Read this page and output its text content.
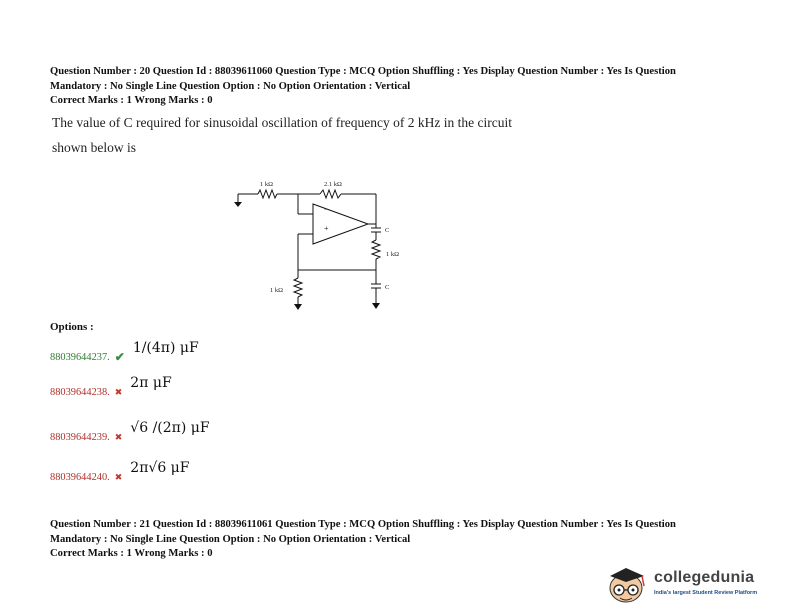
Question Number : 20 Question Id : 88039611060 Question Type : MCQ Option Shuffling : Yes Display Question Number : Yes Is Question
Mandatory : No Single Line Question Option : No Option Orientation : Vertical
Correct Marks : 1 Wrong Marks : 0
The value of C required for sinusoidal oscillation of frequency of 2 kHz in the circuit
shown below is
+
−
1 kΩ	2.1 kΩ
1 kΩ
1 kΩ
C
C
Options :
88039644237. ✔
1/(4π) μF
88039644238. ✖
2π μF
88039644239. ✖
√6 /(2π) μF
88039644240. ✖
2π√6 μF
Question Number : 21 Question Id : 88039611061 Question Type : MCQ Option Shuffling : Yes Display Question Number : Yes Is Question
Mandatory : No Single Line Question Option : No Option Orientation : Vertical
Correct Marks : 1 Wrong Marks : 0
collegedunia
India's largest Student Review Platform
